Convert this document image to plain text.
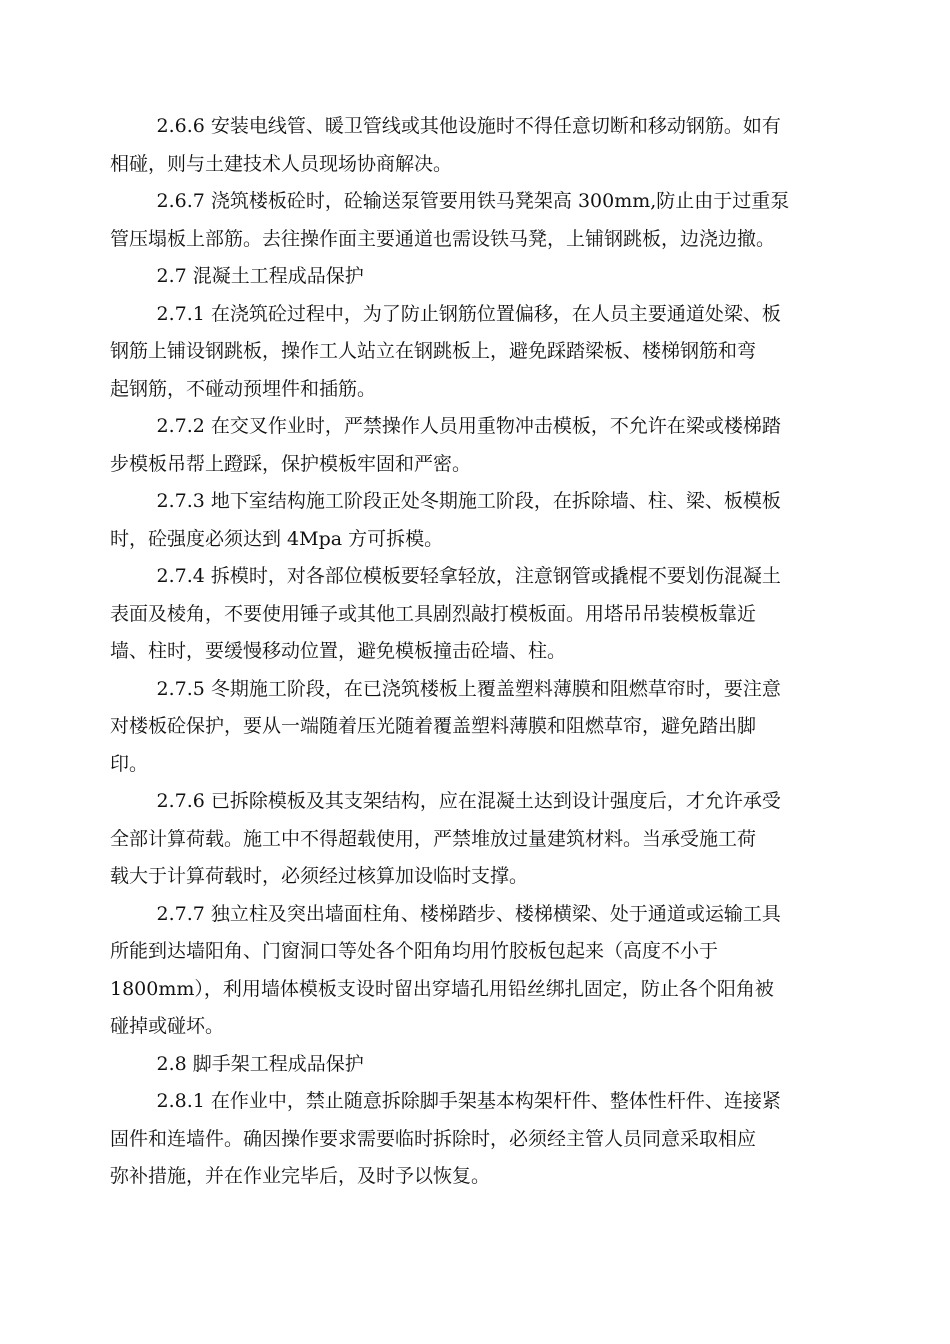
2.6.6 安装电线管、暖卫管线或其他设施时不得任意切断和移动钢筋。如有
相碰，则与土建技术人员现场协商解决。
2.6.7 浇筑楼板砼时，砼输送泵管要用铁马凳架高 300mm,防止由于过重泵
管压塌板上部筋。去往操作面主要通道也需设铁马凳，上铺钢跳板，边浇边撤。
2.7 混凝土工程成品保护
2.7.1 在浇筑砼过程中，为了防止钢筋位置偏移，在人员主要通道处梁、板
钢筋上铺设钢跳板，操作工人站立在钢跳板上，避免踩踏梁板、楼梯钢筋和弯
起钢筋，不碰动预埋件和插筋。
2.7.2 在交叉作业时，严禁操作人员用重物冲击模板，不允许在梁或楼梯踏
步模板吊帮上蹬踩，保护模板牢固和严密。
2.7.3 地下室结构施工阶段正处冬期施工阶段，在拆除墙、柱、梁、板模板
时，砼强度必须达到 4Mpa 方可拆模。
2.7.4 拆模时，对各部位模板要轻拿轻放，注意钢管或撬棍不要划伤混凝土
表面及棱角，不要使用锤子或其他工具剧烈敲打模板面。用塔吊吊装模板靠近
墙、柱时，要缓慢移动位置，避免模板撞击砼墙、柱。
2.7.5 冬期施工阶段，在已浇筑楼板上覆盖塑料薄膜和阻燃草帘时，要注意
对楼板砼保护，要从一端随着压光随着覆盖塑料薄膜和阻燃草帘，避免踏出脚
印。
2.7.6 已拆除模板及其支架结构，应在混凝土达到设计强度后，才允许承受
全部计算荷载。施工中不得超载使用，严禁堆放过量建筑材料。当承受施工荷
载大于计算荷载时，必须经过核算加设临时支撑。
2.7.7 独立柱及突出墙面柱角、楼梯踏步、楼梯横梁、处于通道或运输工具
所能到达墙阳角、门窗洞口等处各个阳角均用竹胶板包起来（高度不小于
1800mm），利用墙体模板支设时留出穿墙孔用铅丝绑扎固定，防止各个阳角被
碰掉或碰坏。
2.8 脚手架工程成品保护
2.8.1 在作业中，禁止随意拆除脚手架基本构架杆件、整体性杆件、连接紧
固件和连墙件。确因操作要求需要临时拆除时，必须经主管人员同意采取相应
弥补措施，并在作业完毕后，及时予以恢复。
